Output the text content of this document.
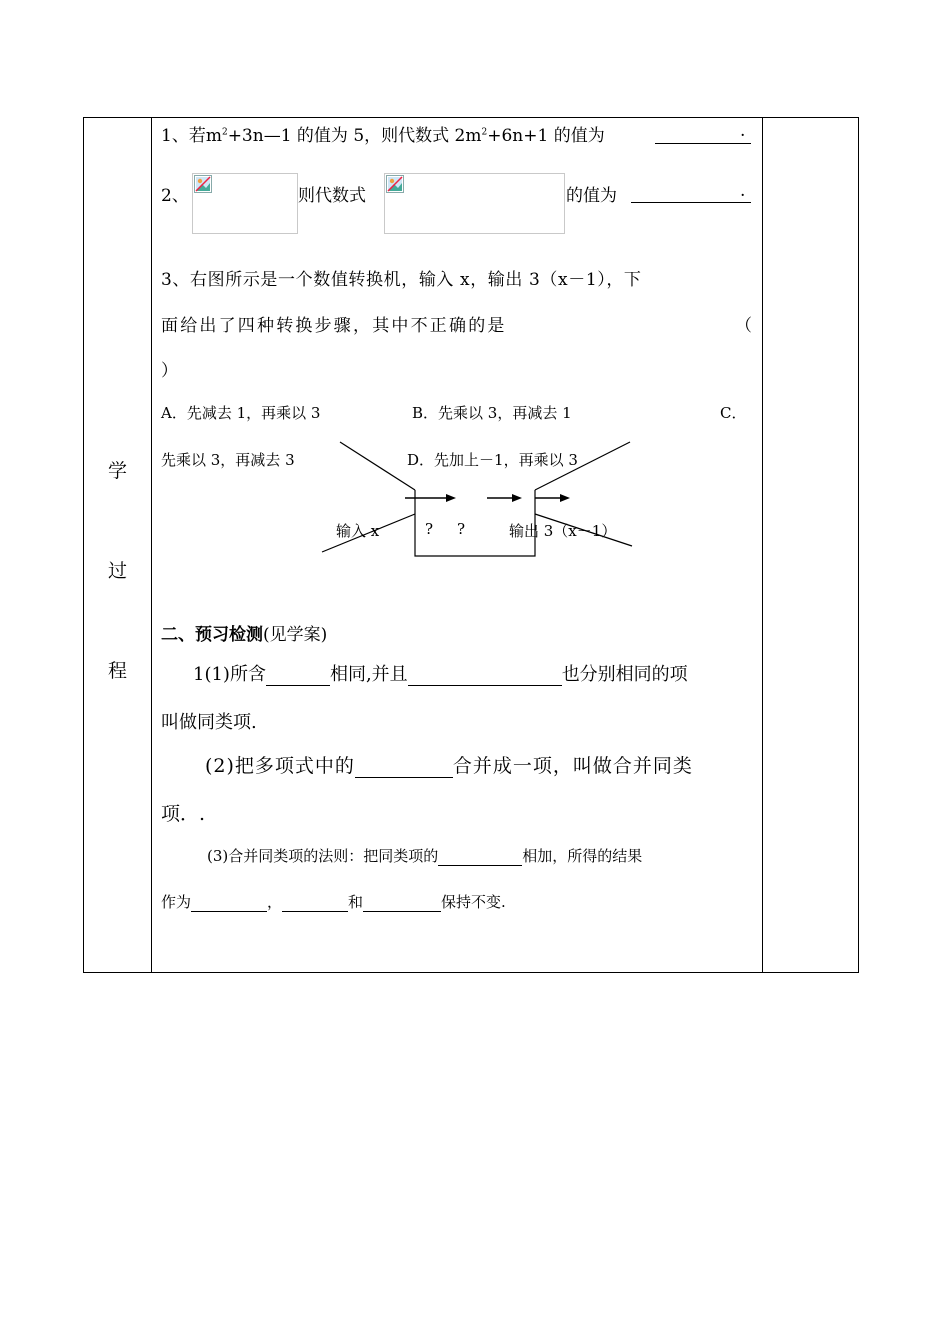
学
过
程
1、若$m^2+3n—1$ 的值为 5，则代数式 $2m^2+6n+1$ 的值为	.
2、	则代数式	的值为	.
3、右图所示是一个数值转换机，输入 x，输出 3（x－1），下
面给出了四种转换步骤，其中不正确的是	（
）
A．先减去 1，再乘以 3	B．先乘以 3，再减去 1	C．
先乘以 3，再减去 3	D．先加上－1，再乘以 3
输入 x	? ?	输出 3（x－1）
二、预习检测(见学案)
1(1)所含	相同,并且	也分别相同的项
叫做同类项.
(2)把多项式中的	合并成一项，叫做合并同类
项．.
(3)合并同类项的法则：把同类项的	相加，所得的结果
作为	，	和	保持不变.
